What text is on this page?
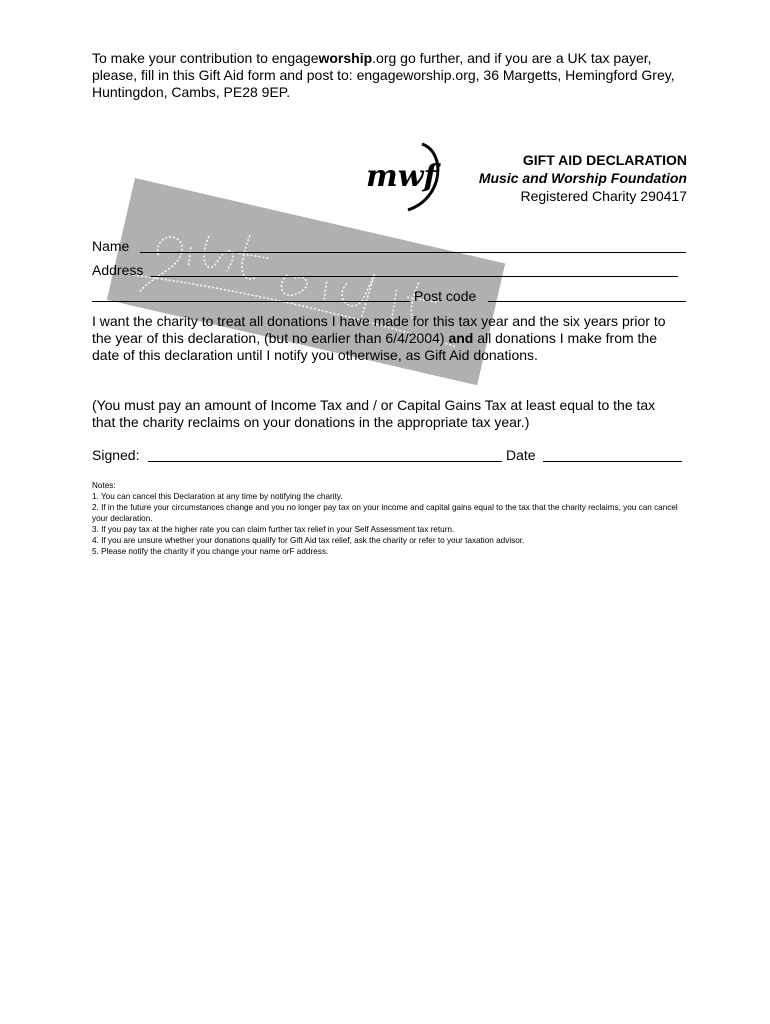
To make your contribution to engageworship.org go further, and if you are a UK tax payer, please, fill in this Gift Aid form and post to: engageworship.org, 36 Margetts, Hemingford Grey, Huntingdon, Cambs, PE28 9EP.
mwf	GIFT AID DECLARATION
Music and Worship Foundation
Registered Charity 290417
Name
Address
Post code
I want the charity to treat all donations I have made for this tax year and the six years prior to the year of this declaration, (but no earlier than 6/4/2004) and all donations I make from the date of this declaration until I notify you otherwise, as Gift Aid donations.
(You must pay an amount of Income Tax and / or Capital Gains Tax at least equal to the tax that the charity reclaims on your donations in the appropriate tax year.)
Signed:	Date
Notes:
1. You can cancel this Declaration at any time by notifying the charity.
2. If in the future your circumstances change and you no longer pay tax on your income and capital gains equal to the tax that the charity reclaims, you can cancel your declaration.
3. If you pay tax at the higher rate you can claim further tax relief in your Self Assessment tax return.
4. If you are unsure whether your donations qualify for Gift Aid tax relief, ask the charity or refer to your taxation advisor.
5. Please notify the charity if you change your name orF address.
